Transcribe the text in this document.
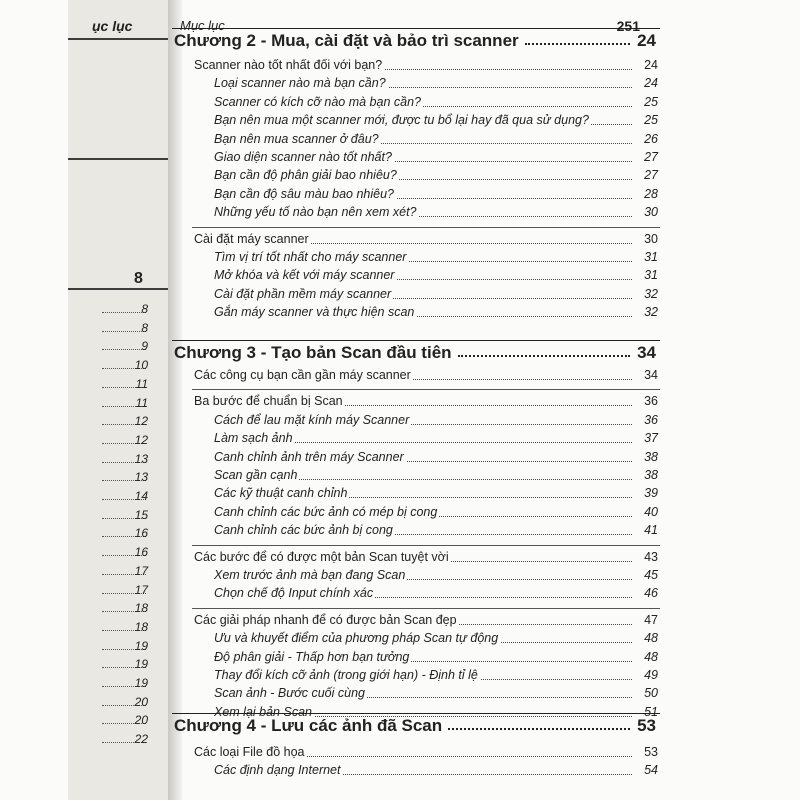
ục lục
8
8
8
9
10
11
11
12
12
13
13
14
15
16
16
17
17
18
18
19
19
19
20
20
22
Mục lục	251
Chương 2 - Mua, cài đặt và bảo trì scanner	24
Scanner nào tốt nhất đối với bạn?	24
Loại scanner nào mà bạn cần?	24
Scanner có kích cỡ nào mà bạn cần?	25
Bạn nên mua một scanner mới, được tu bổ lại hay đã qua sử dụng?	25
Bạn nên mua scanner ở đâu?	26
Giao diện scanner nào tốt nhất?	27
Bạn cần độ phân giải bao nhiêu?	27
Bạn cần độ sâu màu bao nhiêu?	28
Những yếu tố nào bạn nên xem xét?	30
Cài đặt máy scanner	30
Tìm vị trí tốt nhất cho máy scanner	31
Mở khóa và kết với máy scanner	31
Cài đặt phần mềm máy scanner	32
Gắn máy scanner và thực hiện scan	32
Chương 3 - Tạo bản Scan đầu tiên	34
Các công cụ bạn cần gần máy scanner	34
Ba bước để chuẩn bị Scan	36
Cách để lau mặt kính máy Scanner	36
Làm sạch ảnh	37
Canh chỉnh ảnh trên máy Scanner	38
Scan gần cạnh	38
Các kỹ thuật canh chỉnh	39
Canh chỉnh các bức ảnh có mép bị cong	40
Canh chỉnh các bức ảnh bị cong	41
Các bước để có được một bản Scan tuyệt vời	43
Xem trước ảnh mà bạn đang Scan	45
Chọn chế độ Input chính xác	46
Các giải pháp nhanh để có được bản Scan đẹp	47
Ưu và khuyết điểm của phương pháp Scan tự động	48
Độ phân giải - Thấp hơn bạn tưởng	48
Thay đổi kích cỡ ảnh (trong giới hạn) - Định tỉ lệ	49
Scan ảnh - Bước cuối cùng	50
Xem lại bản Scan	51
Chương 4 - Lưu các ảnh đã Scan	53
Các loại File đồ họa	53
Các định dạng Internet	54
